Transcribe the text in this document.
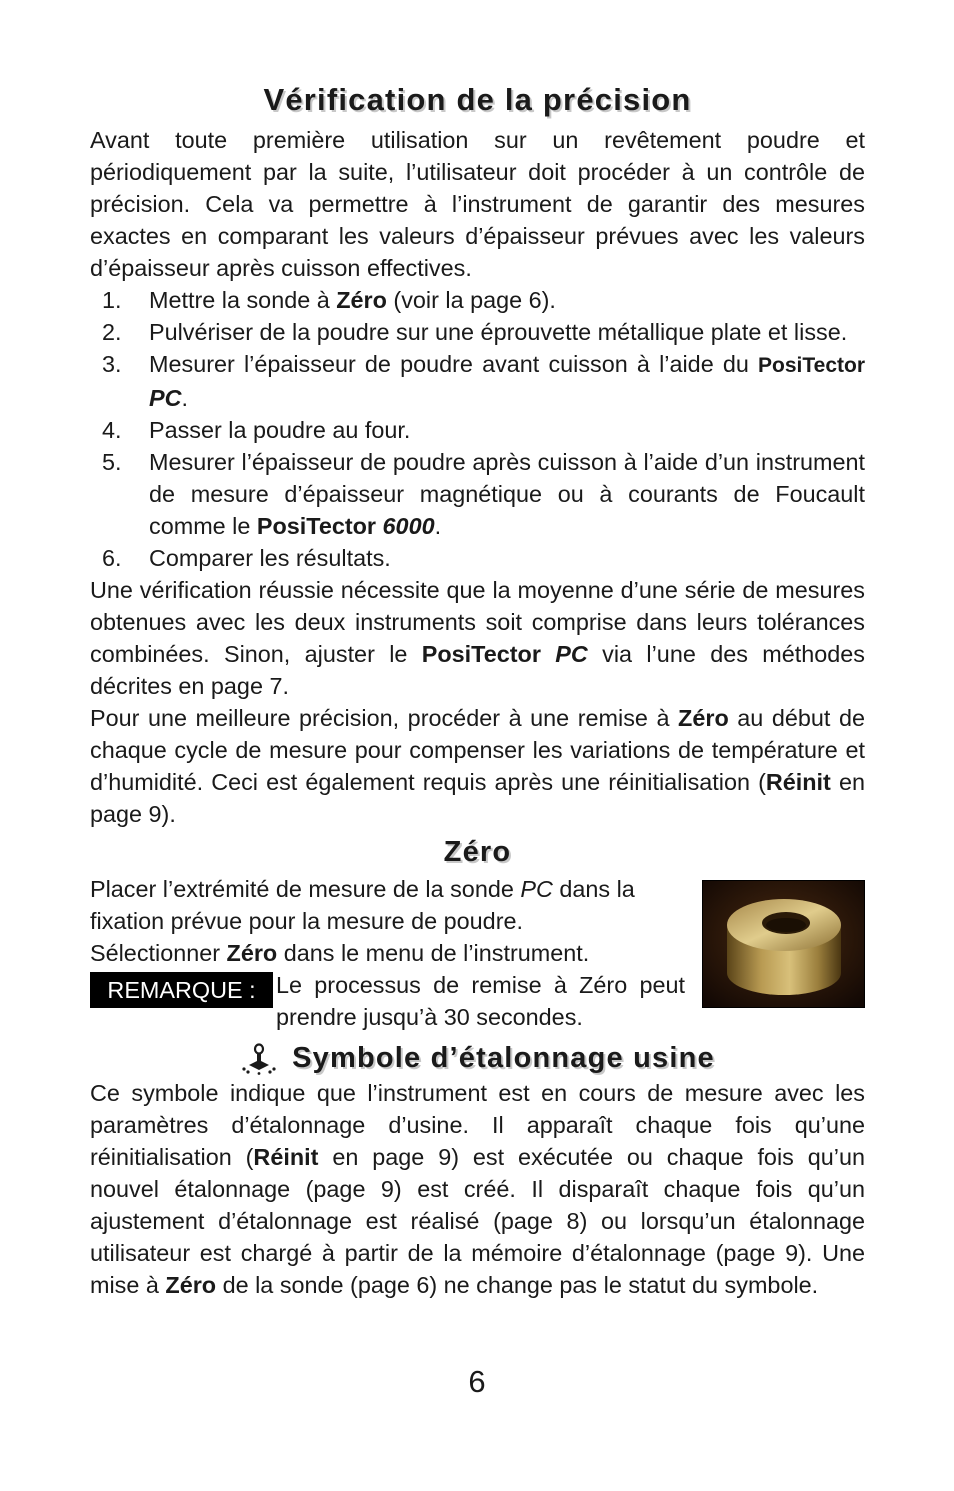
Vérification de la précision

Avant toute première utilisation sur un revêtement poudre et périodiquement par la suite, l’utilisateur doit procéder à un contrôle de précision. Cela va permettre à l’instrument de garantir des mesures exactes en comparant les valeurs d’épaisseur prévues avec les valeurs d’épaisseur après cuisson effectives.

1. Mettre la sonde à Zéro (voir la page 6).
2. Pulvériser de la poudre sur une éprouvette métallique plate et lisse.
3. Mesurer l’épaisseur de poudre avant cuisson à l’aide du PosiTector PC.
4. Passer la poudre au four.
5. Mesurer l’épaisseur de poudre après cuisson à l’aide d’un instrument de mesure d’épaisseur magnétique ou à courants de Foucault comme le PosiTector 6000.
6. Comparer les résultats.

Une vérification réussie nécessite que la moyenne d’une série de mesures obtenues avec les deux instruments soit comprise dans leurs tolérances combinées. Sinon, ajuster le PosiTector PC via l’une des méthodes décrites en page 7.

Pour une meilleure précision, procéder à une remise à Zéro au début de chaque cycle de mesure pour compenser les variations de température et d’humidité. Ceci est également requis après une réinitialisation (Réinit en page 9).

Zéro

Placer l’extrémité de mesure de la sonde PC dans la fixation prévue pour la mesure de poudre.

Sélectionner Zéro dans le menu de l’instrument.

REMARQUE : Le processus de remise à Zéro peut prendre jusqu’à 30 secondes.
Symbole d’étalonnage usine

Ce symbole indique que l’instrument est en cours de mesure avec les paramètres d’étalonnage d’usine. Il apparaît chaque fois qu’une réinitialisation (Réinit en page 9) est exécutée ou chaque fois qu’un nouvel étalonnage (page 9) est créé. Il disparaît chaque fois qu’un ajustement d’étalonnage est réalisé (page 8) ou lorsqu’un étalonnage utilisateur est chargé à partir de la mémoire d’étalonnage (page 9). Une mise à Zéro de la sonde (page 6) ne change pas le statut du symbole.

6
